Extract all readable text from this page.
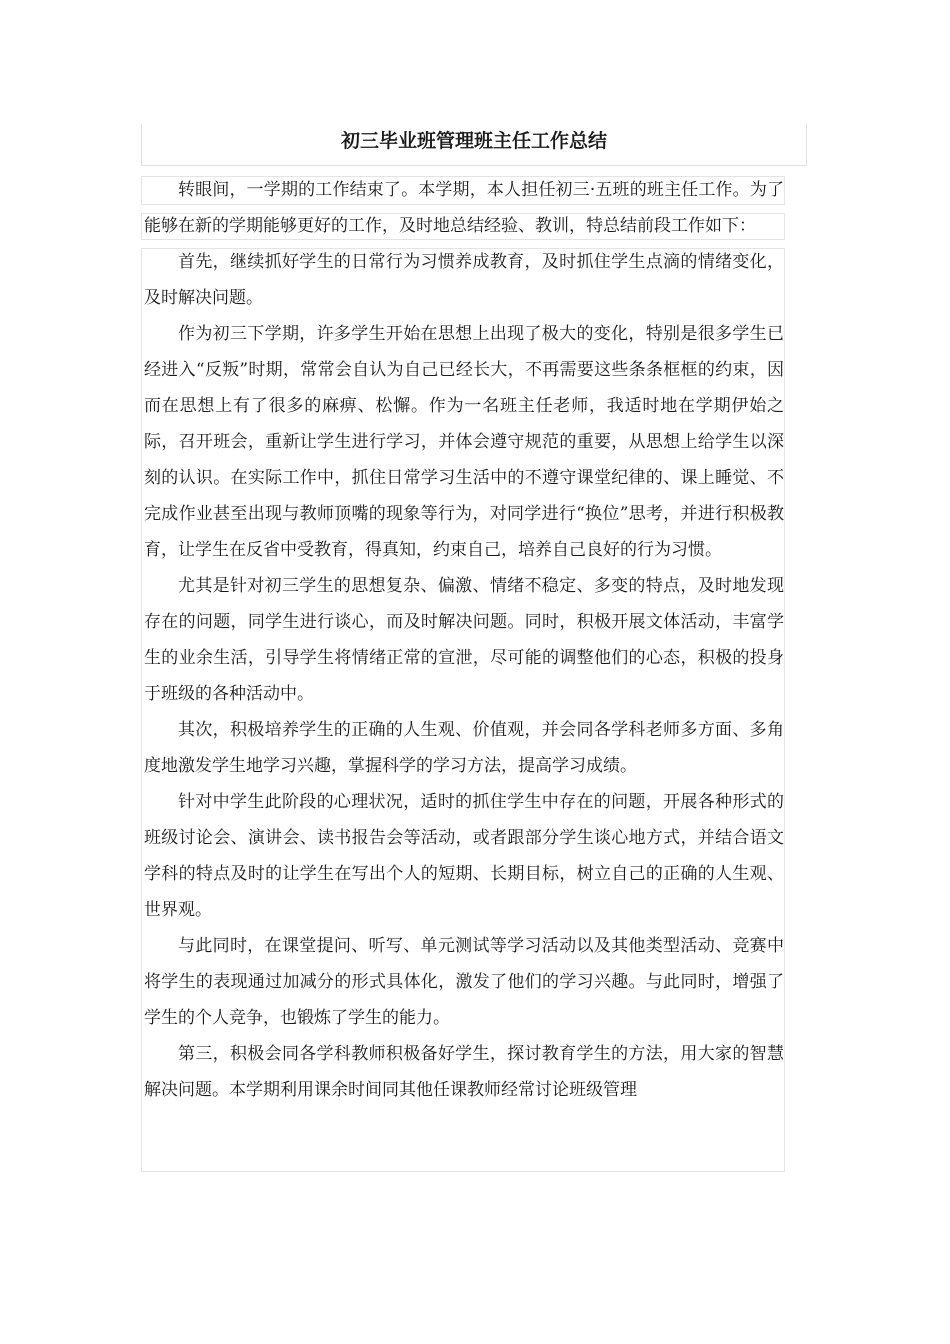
初三毕业班管理班主任工作总结

转眼间，一学期的工作结束了。本学期，本人担任初三·五班的班主任工作。为了能够在新的学期能够更好的工作，及时地总结经验、教训，特总结前段工作如下：

首先，继续抓好学生的日常行为习惯养成教育，及时抓住学生点滴的情绪变化，及时解决问题。

作为初三下学期，许多学生开始在思想上出现了极大的变化，特别是很多学生已经进入“反叛”时期，常常会自认为自己已经长大，不再需要这些条条框框的约束，因而在思想上有了很多的麻痹、松懈。作为一名班主任老师，我适时地在学期伊始之际，召开班会，重新让学生进行学习，并体会遵守规范的重要，从思想上给学生以深刻的认识。在实际工作中，抓住日常学习生活中的不遵守课堂纪律的、课上睡觉、不完成作业甚至出现与教师顶嘴的现象等行为，对同学进行“换位”思考，并进行积极教育，让学生在反省中受教育，得真知，约束自己，培养自己良好的行为习惯。

尤其是针对初三学生的思想复杂、偏激、情绪不稳定、多变的特点，及时地发现存在的问题，同学生进行谈心，而及时解决问题。同时，积极开展文体活动，丰富学生的业余生活，引导学生将情绪正常的宣泄，尽可能的调整他们的心态，积极的投身于班级的各种活动中。

其次，积极培养学生的正确的人生观、价值观，并会同各学科老师多方面、多角度地激发学生地学习兴趣，掌握科学的学习方法，提高学习成绩。

针对中学生此阶段的心理状况，适时的抓住学生中存在的问题，开展各种形式的班级讨论会、演讲会、读书报告会等活动，或者跟部分学生谈心地方式，并结合语文学科的特点及时的让学生在写出个人的短期、长期目标，树立自己的正确的人生观、世界观。

与此同时，在课堂提问、听写、单元测试等学习活动以及其他类型活动、竞赛中将学生的表现通过加减分的形式具体化，激发了他们的学习兴趣。与此同时，增强了学生的个人竞争，也锻炼了学生的能力。

第三，积极会同各学科教师积极备好学生，探讨教育学生的方法，用大家的智慧解决问题。本学期利用课余时间同其他任课教师经常讨论班级管理
